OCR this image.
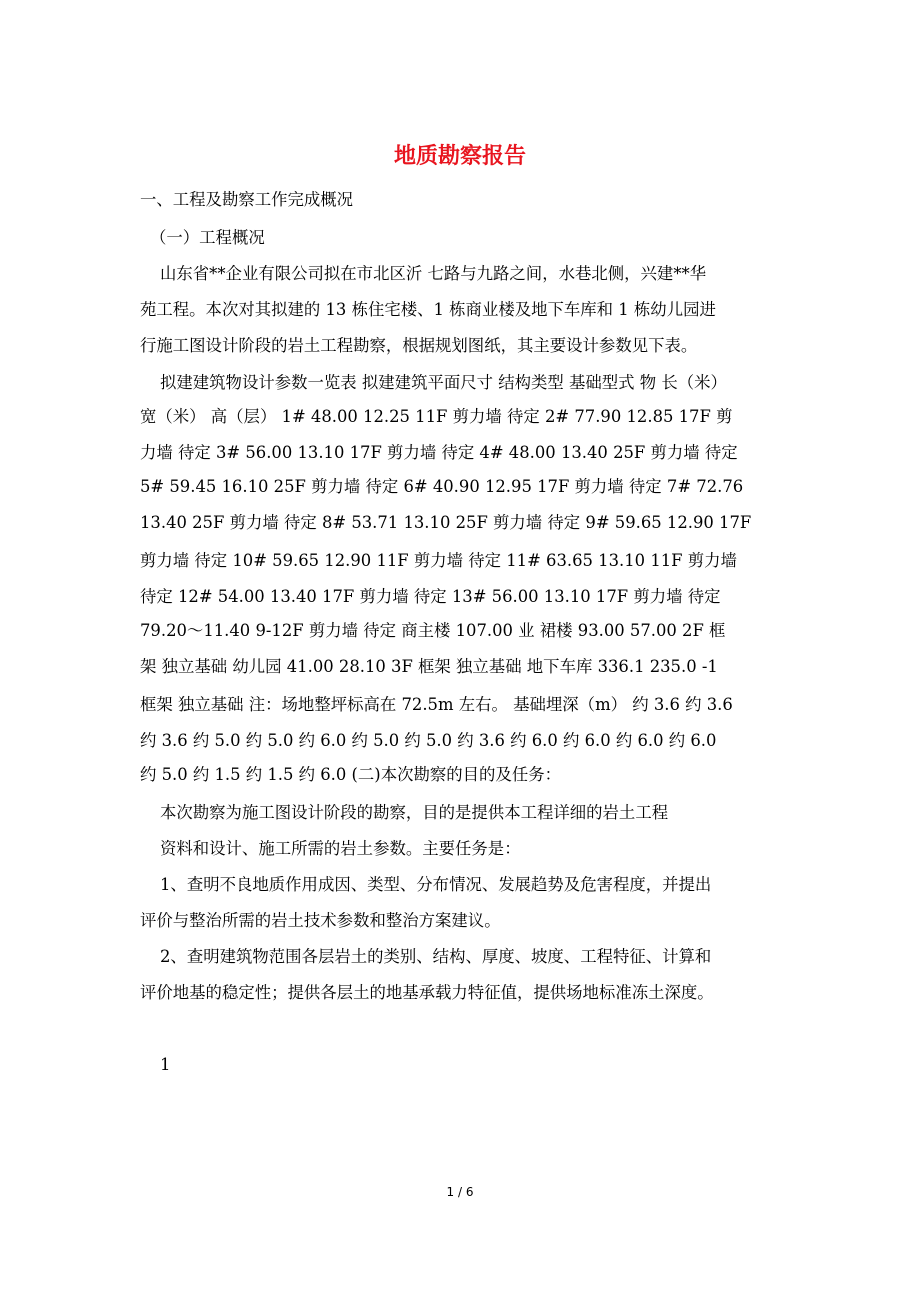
地质勘察报告
一、工程及勘察工作完成概况
（一）工程概况
山东省**企业有限公司拟在市北区沂 七路与九路之间，水巷北侧，兴建**华
苑工程。本次对其拟建的 13 栋住宅楼、1 栋商业楼及地下车库和 1 栋幼儿园进
行施工图设计阶段的岩土工程勘察，根据规划图纸，其主要设计参数见下表。
拟建建筑物设计参数一览表 拟建建筑平面尺寸 结构类型 基础型式 物 长（米）
宽（米） 高（层） 1# 48.00 12.25 11F 剪力墙 待定 2# 77.90 12.85 17F 剪
力墙 待定 3# 56.00 13.10 17F 剪力墙 待定 4# 48.00 13.40 25F 剪力墙 待定
5# 59.45 16.10 25F 剪力墙 待定 6# 40.90 12.95 17F 剪力墙 待定 7# 72.76
13.40 25F 剪力墙 待定 8# 53.71 13.10 25F 剪力墙 待定 9# 59.65 12.90 17F
剪力墙 待定 10# 59.65 12.90 11F 剪力墙 待定 11# 63.65 13.10 11F 剪力墙
待定 12# 54.00 13.40 17F 剪力墙 待定 13# 56.00 13.10 17F 剪力墙 待定
79.20～11.40 9-12F 剪力墙 待定 商主楼 107.00 业 裙楼 93.00 57.00 2F 框
架 独立基础 幼儿园 41.00 28.10 3F 框架 独立基础 地下车库 336.1 235.0 -1
框架 独立基础 注：场地整坪标高在 72.5m 左右。 基础埋深（m） 约 3.6 约 3.6
约 3.6 约 5.0 约 5.0 约 6.0 约 5.0 约 5.0 约 3.6 约 6.0 约 6.0 约 6.0 约 6.0
约 5.0 约 1.5 约 1.5 约 6.0 (二)本次勘察的目的及任务：
本次勘察为施工图设计阶段的勘察，目的是提供本工程详细的岩土工程
资料和设计、施工所需的岩土参数。主要任务是：
1、查明不良地质作用成因、类型、分布情况、发展趋势及危害程度，并提出
评价与整治所需的岩土技术参数和整治方案建议。
2、查明建筑物范围各层岩土的类别、结构、厚度、坡度、工程特征、计算和
评价地基的稳定性；提供各层土的地基承载力特征值，提供场地标准冻土深度。
1
1 / 6
